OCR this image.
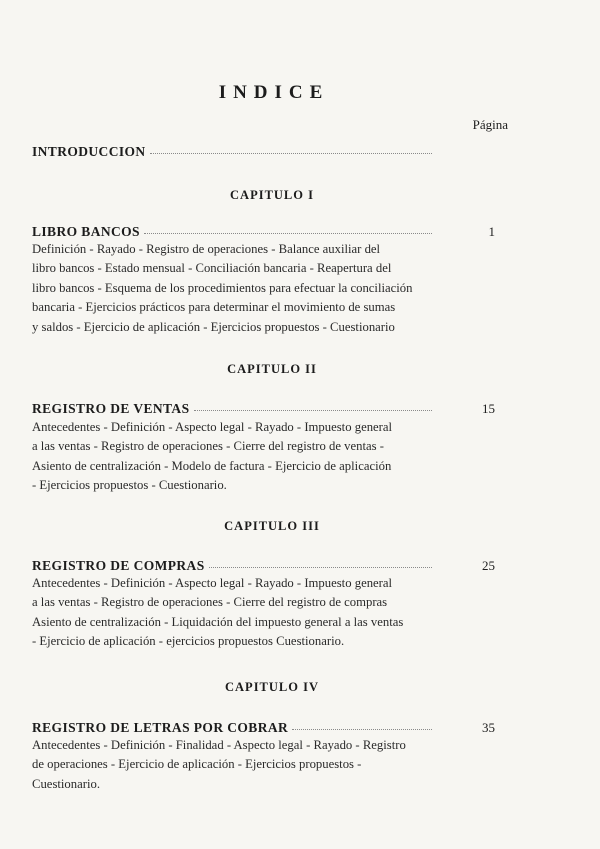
INDICE
Página
INTRODUCCION
CAPITULO I
LIBRO BANCOS	1
Definición - Rayado - Registro de operaciones - Balance auxiliar del
libro bancos - Estado mensual - Conciliación bancaria - Reapertura del
libro bancos - Esquema de los procedimientos para efectuar la conciliación
bancaria - Ejercicios prácticos para determinar el movimiento de sumas
y saldos - Ejercicio de aplicación - Ejercicios propuestos - Cuestionario
CAPITULO II
REGISTRO DE VENTAS	15
Antecedentes - Definición - Aspecto legal - Rayado - Impuesto general
a las ventas - Registro de operaciones - Cierre del registro de ventas -
Asiento de centralización - Modelo de factura - Ejercicio de aplicación
- Ejercicios propuestos - Cuestionario.
CAPITULO III
REGISTRO DE COMPRAS	25
Antecedentes - Definición - Aspecto legal - Rayado - Impuesto general
a las ventas - Registro de operaciones - Cierre del registro de compras
Asiento de centralización - Liquidación del impuesto general a las ventas
- Ejercicio de aplicación - ejercicios propuestos Cuestionario.
CAPITULO IV
REGISTRO DE LETRAS POR COBRAR	35
Antecedentes - Definición - Finalidad - Aspecto legal - Rayado - Registro
de operaciones - Ejercicio de aplicación - Ejercicios propuestos -
Cuestionario.
